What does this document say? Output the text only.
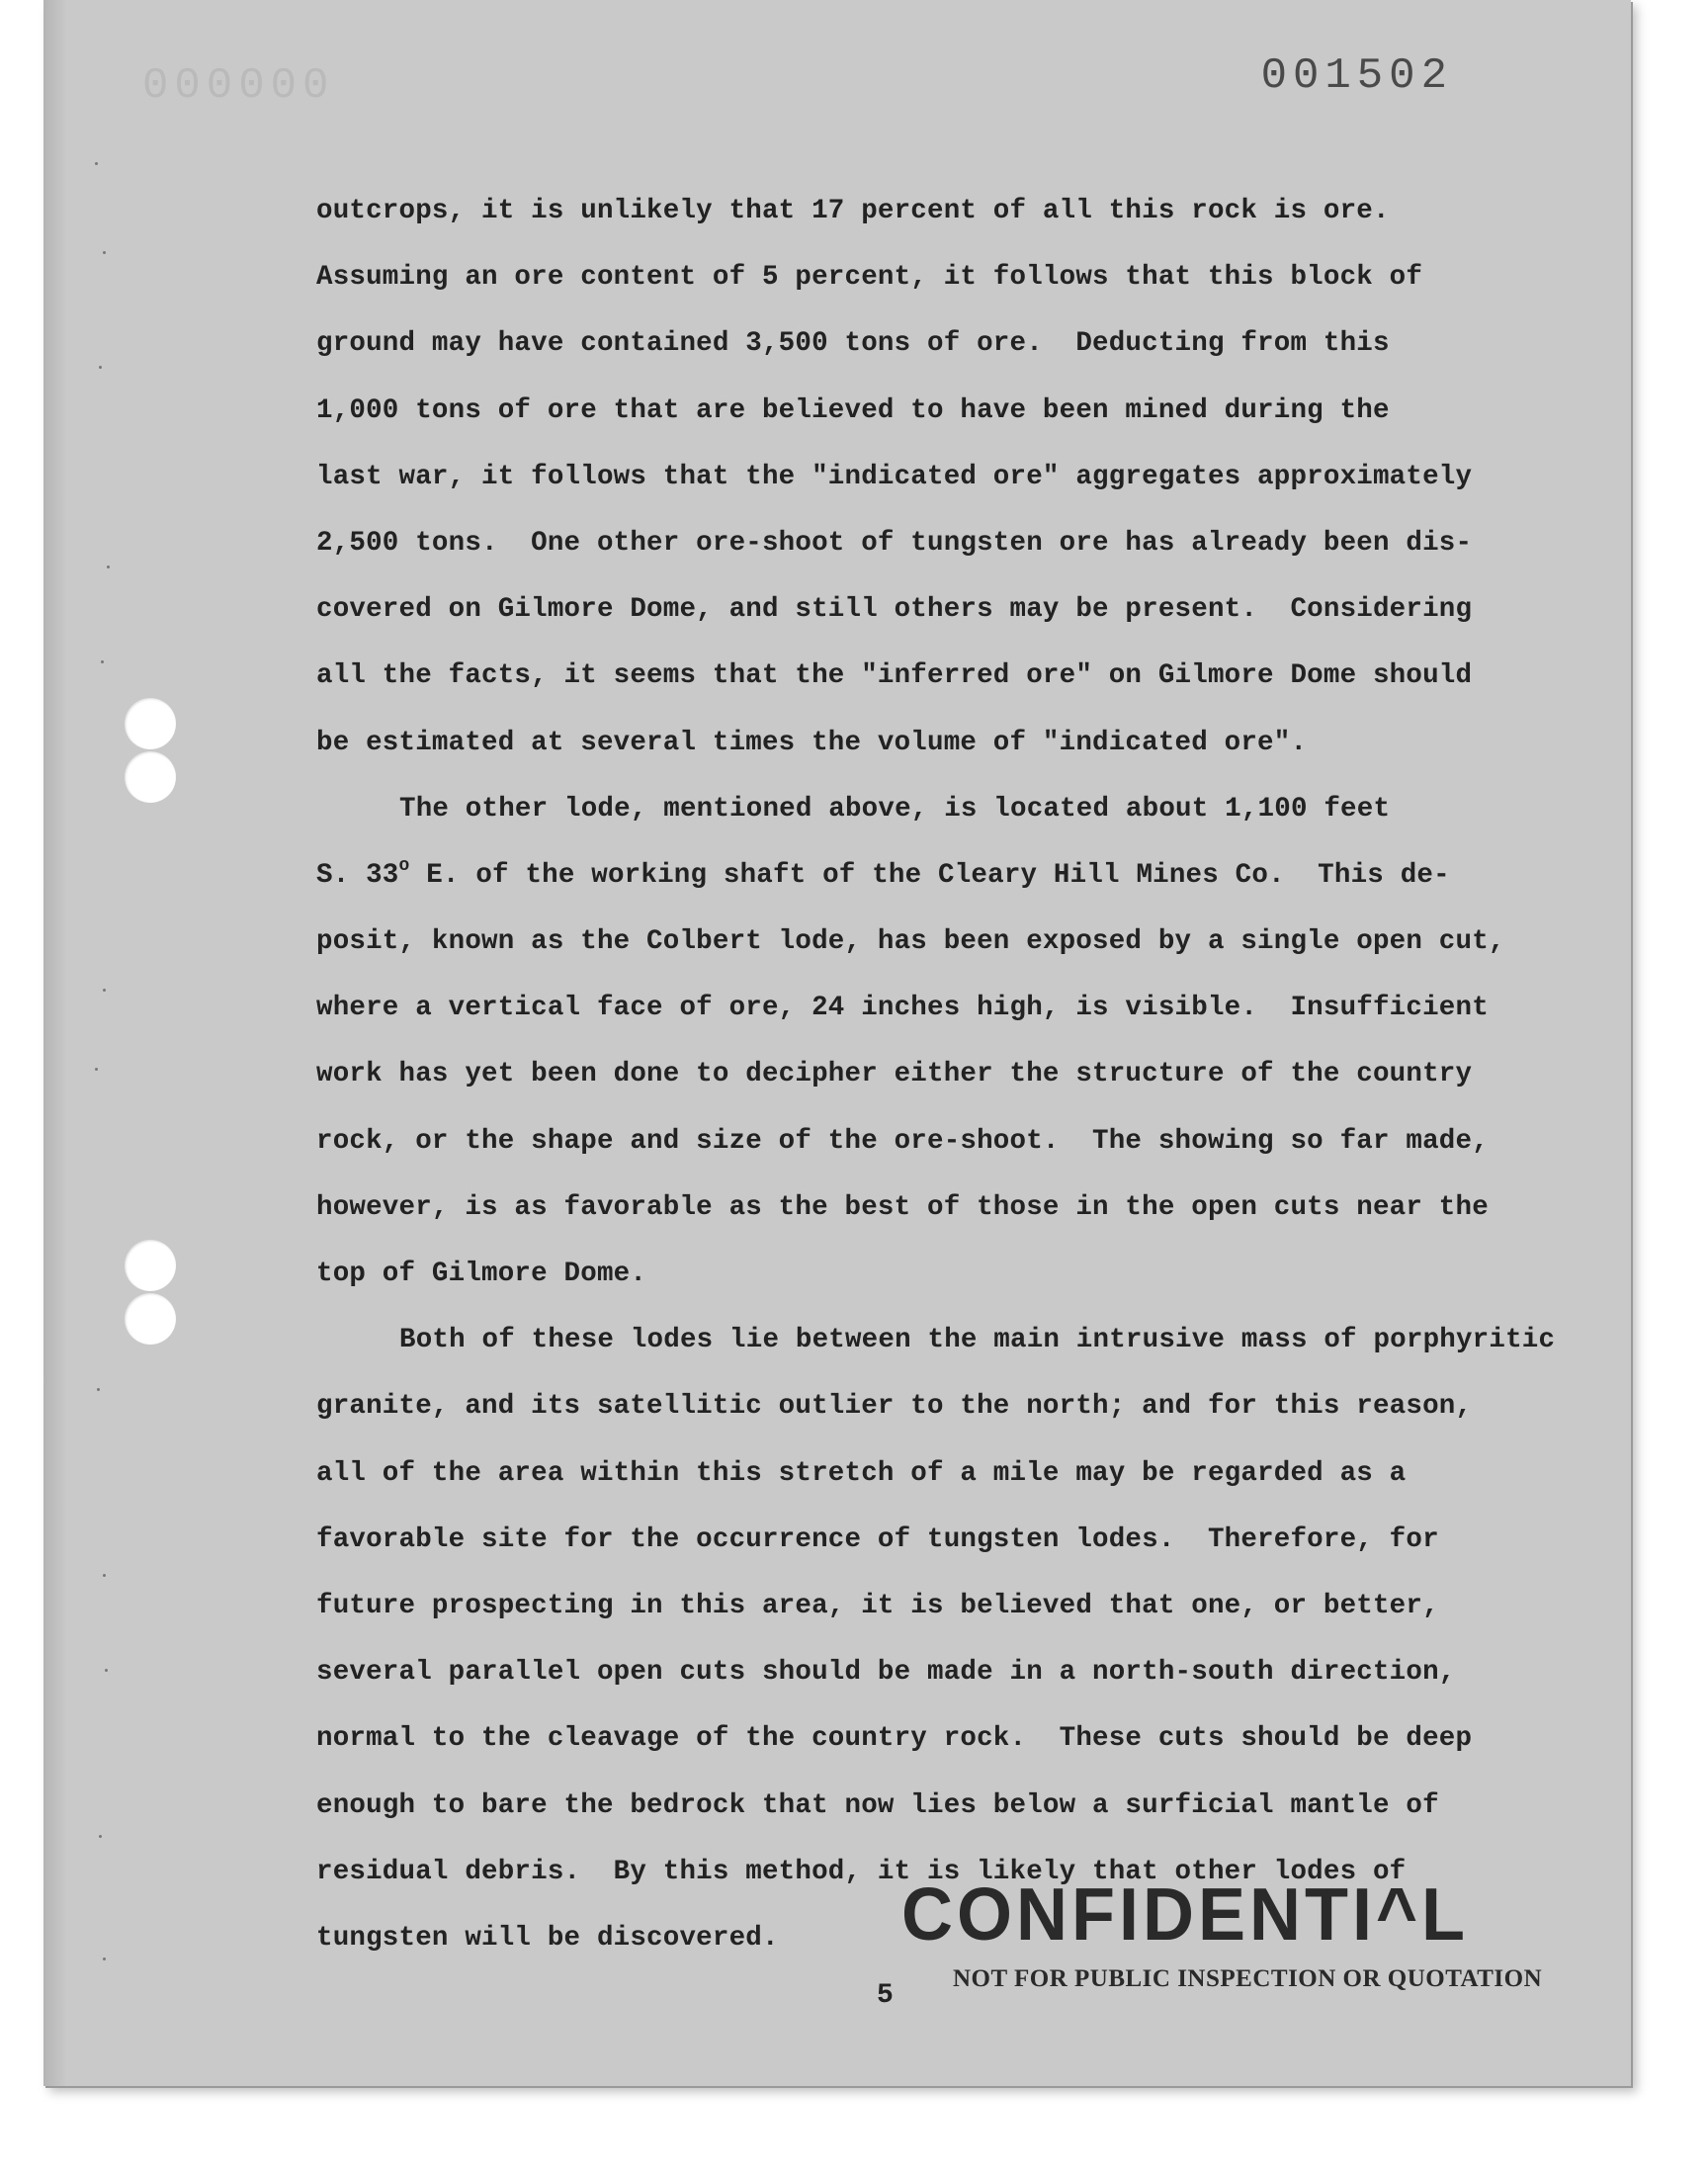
000000	001502
outcrops, it is unlikely that 17 percent of all this rock is ore.
Assuming an ore content of 5 percent, it follows that this block of
ground may have contained 3,500 tons of ore.  Deducting from this
1,000 tons of ore that are believed to have been mined during the
last war, it follows that the "indicated ore" aggregates approximately
2,500 tons.  One other ore-shoot of tungsten ore has already been dis-
covered on Gilmore Dome, and still others may be present.  Considering
all the facts, it seems that the "inferred ore" on Gilmore Dome should
be estimated at several times the volume of "indicated ore".
The other lode, mentioned above, is located about 1,100 feet
S. 33$^o$ E. of the working shaft of the Cleary Hill Mines Co.  This de-
posit, known as the Colbert lode, has been exposed by a single open cut,
where a vertical face of ore, 24 inches high, is visible.  Insufficient
work has yet been done to decipher either the structure of the country
rock, or the shape and size of the ore-shoot.  The showing so far made,
however, is as favorable as the best of those in the open cuts near the
top of Gilmore Dome.
Both of these lodes lie between the main intrusive mass of porphyritic
granite, and its satellitic outlier to the north; and for this reason,
all of the area within this stretch of a mile may be regarded as a
favorable site for the occurrence of tungsten lodes.  Therefore, for
future prospecting in this area, it is believed that one, or better,
several parallel open cuts should be made in a north-south direction,
normal to the cleavage of the country rock.  These cuts should be deep
enough to bare the bedrock that now lies below a surficial mantle of
residual debris.  By this method, it is likely that other lodes of
tungsten will be discovered.	CONFIDENTI^L
NOT FOR PUBLIC INSPECTION OR QUOTATION
5
